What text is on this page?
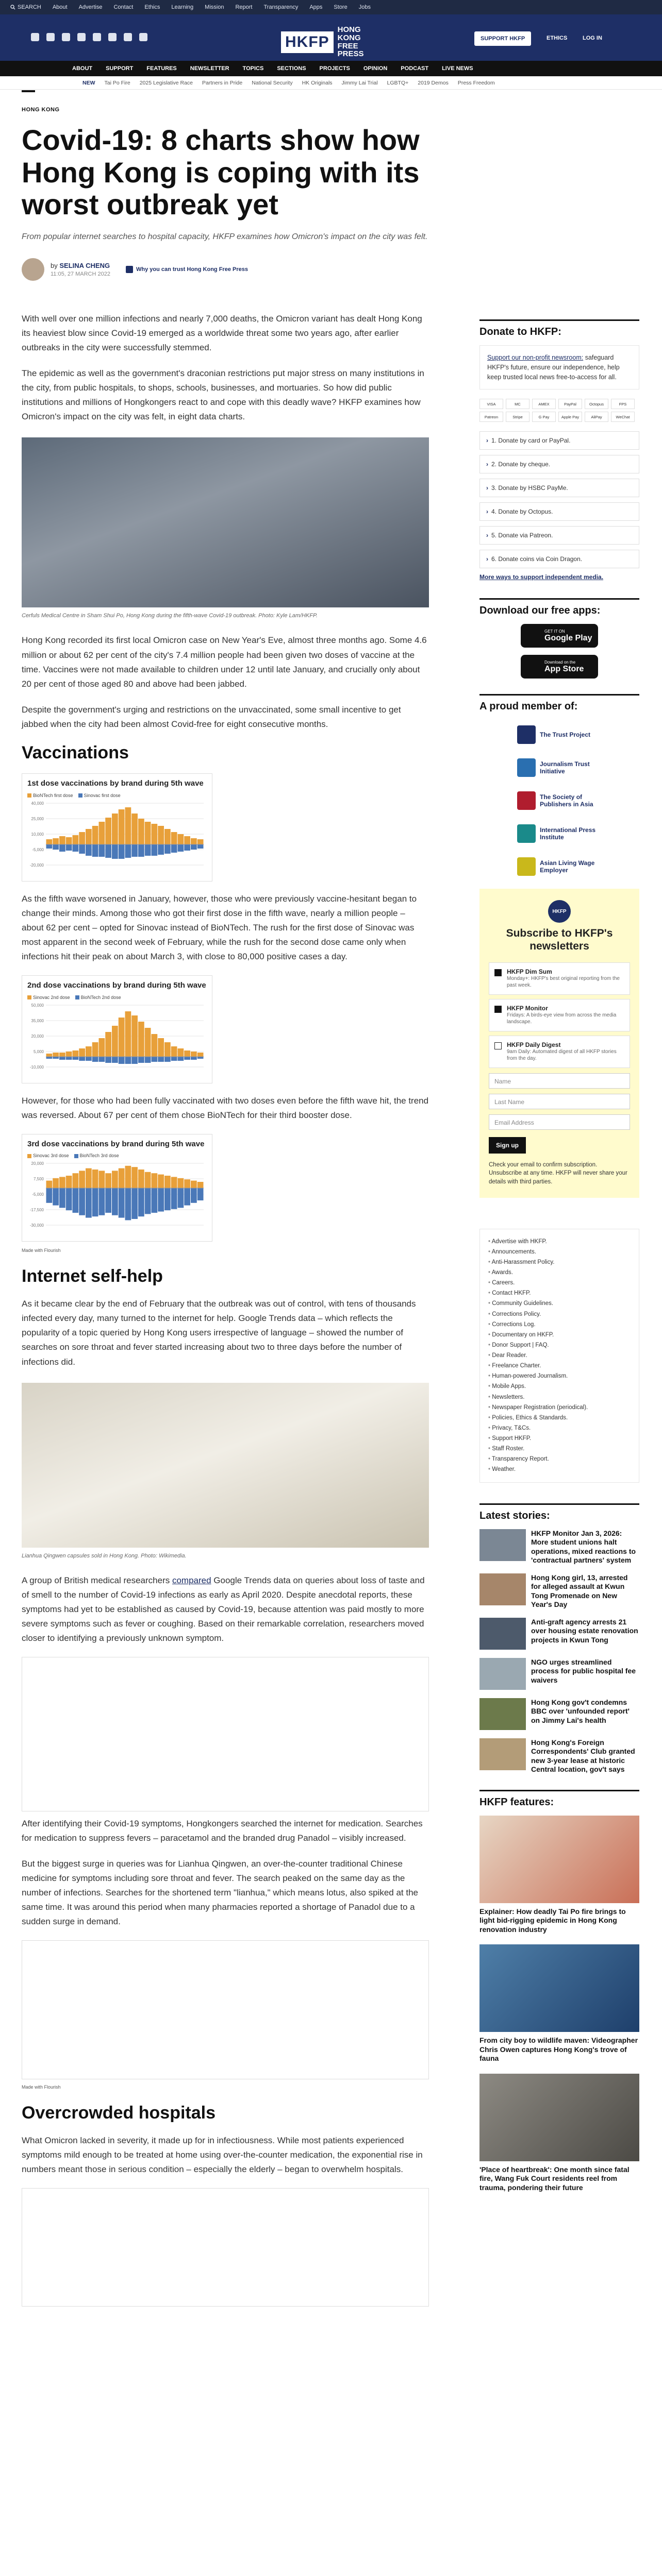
SEARCH About Advertise Contact Ethics Learning Mission Report Transparency Apps Store Jobs
HKFP
HONG KONG FREE PRESS
SUPPORT HKFP	ETHICS	LOG IN
ABOUT SUPPORT FEATURES NEWSLETTER TOPICS SECTIONS PROJECTS OPINION PODCAST LIVE NEWS
NEW Tai Po Fire 2025 Legislative Race Partners in Pride National Security HK Originals Jimmy Lai Trial LGBTQ+ 2019 Demos Press Freedom
HONG KONG
Covid-19: 8 charts show how Hong Kong is coping with its worst outbreak yet
From popular internet searches to hospital capacity, HKFP examines how Omicron's impact on the city was felt.
by SELINA CHENG
11:05, 27 MARCH 2022
Why you can trust Hong Kong Free Press

With well over one million infections and nearly 7,000 deaths, the Omicron variant has dealt Hong Kong its heaviest blow since Covid-19 emerged as a worldwide threat some two years ago, after earlier outbreaks in the city were successfully stemmed.

The epidemic as well as the government's draconian restrictions put major stress on many institutions in the city, from public hospitals, to shops, schools, businesses, and mortuaries. So how did public institutions and millions of Hongkongers react to and cope with this deadly wave? HKFP examines how Omicron's impact on the city was felt, in eight data charts.

Cerfuls Medical Centre in Sham Shui Po, Hong Kong during the fifth-wave Covid-19 outbreak. Photo: Kyle Lam/HKFP.

Hong Kong recorded its first local Omicron case on New Year's Eve, almost three months ago. Some 4.6 million or about 62 per cent of the city's 7.4 million people had been given two doses of vaccine at the time. Vaccines were not made available to children under 12 until late January, and crucially only about 20 per cent of those aged 80 and above had been jabbed.

Despite the government's urging and restrictions on the unvaccinated, some small incentive to get jabbed when the city had been almost Covid-free for eight consecutive months.

Vaccinations
1st dose vaccinations by brand during 5th wave
BioNTech first dose	Sinovac first dose
-20,000
-5,000
10,000
25,000
40,000

As the fifth wave worsened in January, however, those who were previously vaccine-hesitant began to change their minds. Among those who got their first dose in the fifth wave, nearly a million people – about 62 per cent – opted for Sinovac instead of BioNTech. The rush for the first dose of Sinovac was most apparent in the second week of February, while the rush for the second dose came only when infections hit their peak on about March 3, with close to 80,000 positive cases a day.

2nd dose vaccinations by brand during 5th wave
Sinovac 2nd dose	BioNTech 2nd dose
-10,000
5,000
20,000
35,000
50,000

However, for those who had been fully vaccinated with two doses even before the fifth wave hit, the trend was reversed. About 67 per cent of them chose BioNTech for their third booster dose.

3rd dose vaccinations by brand during 5th wave
Sinovac 3rd dose	BioNTech 3rd dose
-30,000
-17,500
-5,000
7,500
20,000
Made with Flourish
Internet self-help

As it became clear by the end of February that the outbreak was out of control, with tens of thousands infected every day, many turned to the internet for help. Google Trends data – which reflects the popularity of a topic queried by Hong Kong users irrespective of language – showed the number of searches on sore throat and fever started increasing about two to three days before the number of infections did.

Lianhua Qingwen capsules sold in Hong Kong. Photo: Wikimedia.

A group of British medical researchers compared Google Trends data on queries about loss of taste and of smell to the number of Covid-19 infections as early as April 2020. Despite anecdotal reports, these symptoms had yet to be established as caused by Covid-19, because attention was paid mostly to more severe symptoms such as fever or coughing. Based on their remarkable correlation, researchers moved closer to identifying a previously unknown symptom.

After identifying their Covid-19 symptoms, Hongkongers searched the internet for medication. Searches for medication to suppress fevers – paracetamol and the branded drug Panadol – visibly increased.

But the biggest surge in queries was for Lianhua Qingwen, an over-the-counter traditional Chinese medicine for symptoms including sore throat and fever. The search peaked on the same day as the number of infections. Searches for the shortened term "lianhua," which means lotus, also spiked at the same time. It was around this period when many pharmacies reported a shortage of Panadol due to a sudden surge in demand.

Made with Flourish
Overcrowded hospitals

What Omicron lacked in severity, it made up for in infectiousness. While most patients experienced symptoms mild enough to be treated at home using over-the-counter medication, the exponential rise in numbers meant those in serious condition – especially the elderly – began to overwhelm hospitals.

Donate to HKFP:
Support our non-profit newsroom: safeguard HKFP's future, ensure our independence, help keep trusted local news free-to-access for all.
VISA	MC	AMEX	PayPal	Octopus	FPS
Patreon	Stripe	G Pay	Apple Pay	AliPay	WeChat
› 1. Donate by card or PayPal.
› 2. Donate by cheque.
› 3. Donate by HSBC PayMe.
› 4. Donate by Octopus.
› 5. Donate via Patreon.
› 6. Donate coins via Coin Dragon.
More ways to support independent media.
Download our free apps:
GET IT ON
Google Play
Download on the
App Store
A proud member of:
The Trust Project
Journalism Trust Initiative
The Society of Publishers in Asia
International Press Institute
Asian Living Wage Employer
HKFP
Subscribe to HKFP's newsletters
HKFP Dim Sum
Monday+: HKFP's best original reporting from the past week.
HKFP Monitor
Fridays: A birds-eye view from across the media landscape.
HKFP Daily Digest
9am Daily: Automated digest of all HKFP stories from the day.
Name
Last Name
Email Address
Sign up
Check your email to confirm subscription. Unsubscribe at any time. HKFP will never share your details with third parties.
• Advertise with HKFP.
• Announcements.
• Anti-Harassment Policy.
• Awards.
• Careers.
• Contact HKFP.
• Community Guidelines.
• Corrections Policy.
• Corrections Log.
• Documentary on HKFP.
• Donor Support | FAQ.
• Dear Reader.
• Freelance Charter.
• Human-powered Journalism.
• Mobile Apps.
• Newsletters.
• Newspaper Registration (periodical).
• Policies, Ethics & Standards.
• Privacy, T&Cs.
• Support HKFP.
• Staff Roster.
• Transparency Report.
• Weather.
Latest stories:
HKFP Monitor Jan 3, 2026: More student unions halt operations, mixed reactions to 'contractual partners' system
Hong Kong girl, 13, arrested for alleged assault at Kwun Tong Promenade on New Year's Day
Anti-graft agency arrests 21 over housing estate renovation projects in Kwun Tong
NGO urges streamlined process for public hospital fee waivers
Hong Kong gov't condemns BBC over 'unfounded report' on Jimmy Lai's health
Hong Kong's Foreign Correspondents' Club granted new 3-year lease at historic Central location, gov't says
HKFP features:
Explainer: How deadly Tai Po fire brings to light bid-rigging epidemic in Hong Kong renovation industry
From city boy to wildlife maven: Videographer Chris Owen captures Hong Kong's trove of fauna
'Place of heartbreak': One month since fatal fire, Wang Fuk Court residents reel from trauma, pondering their future
